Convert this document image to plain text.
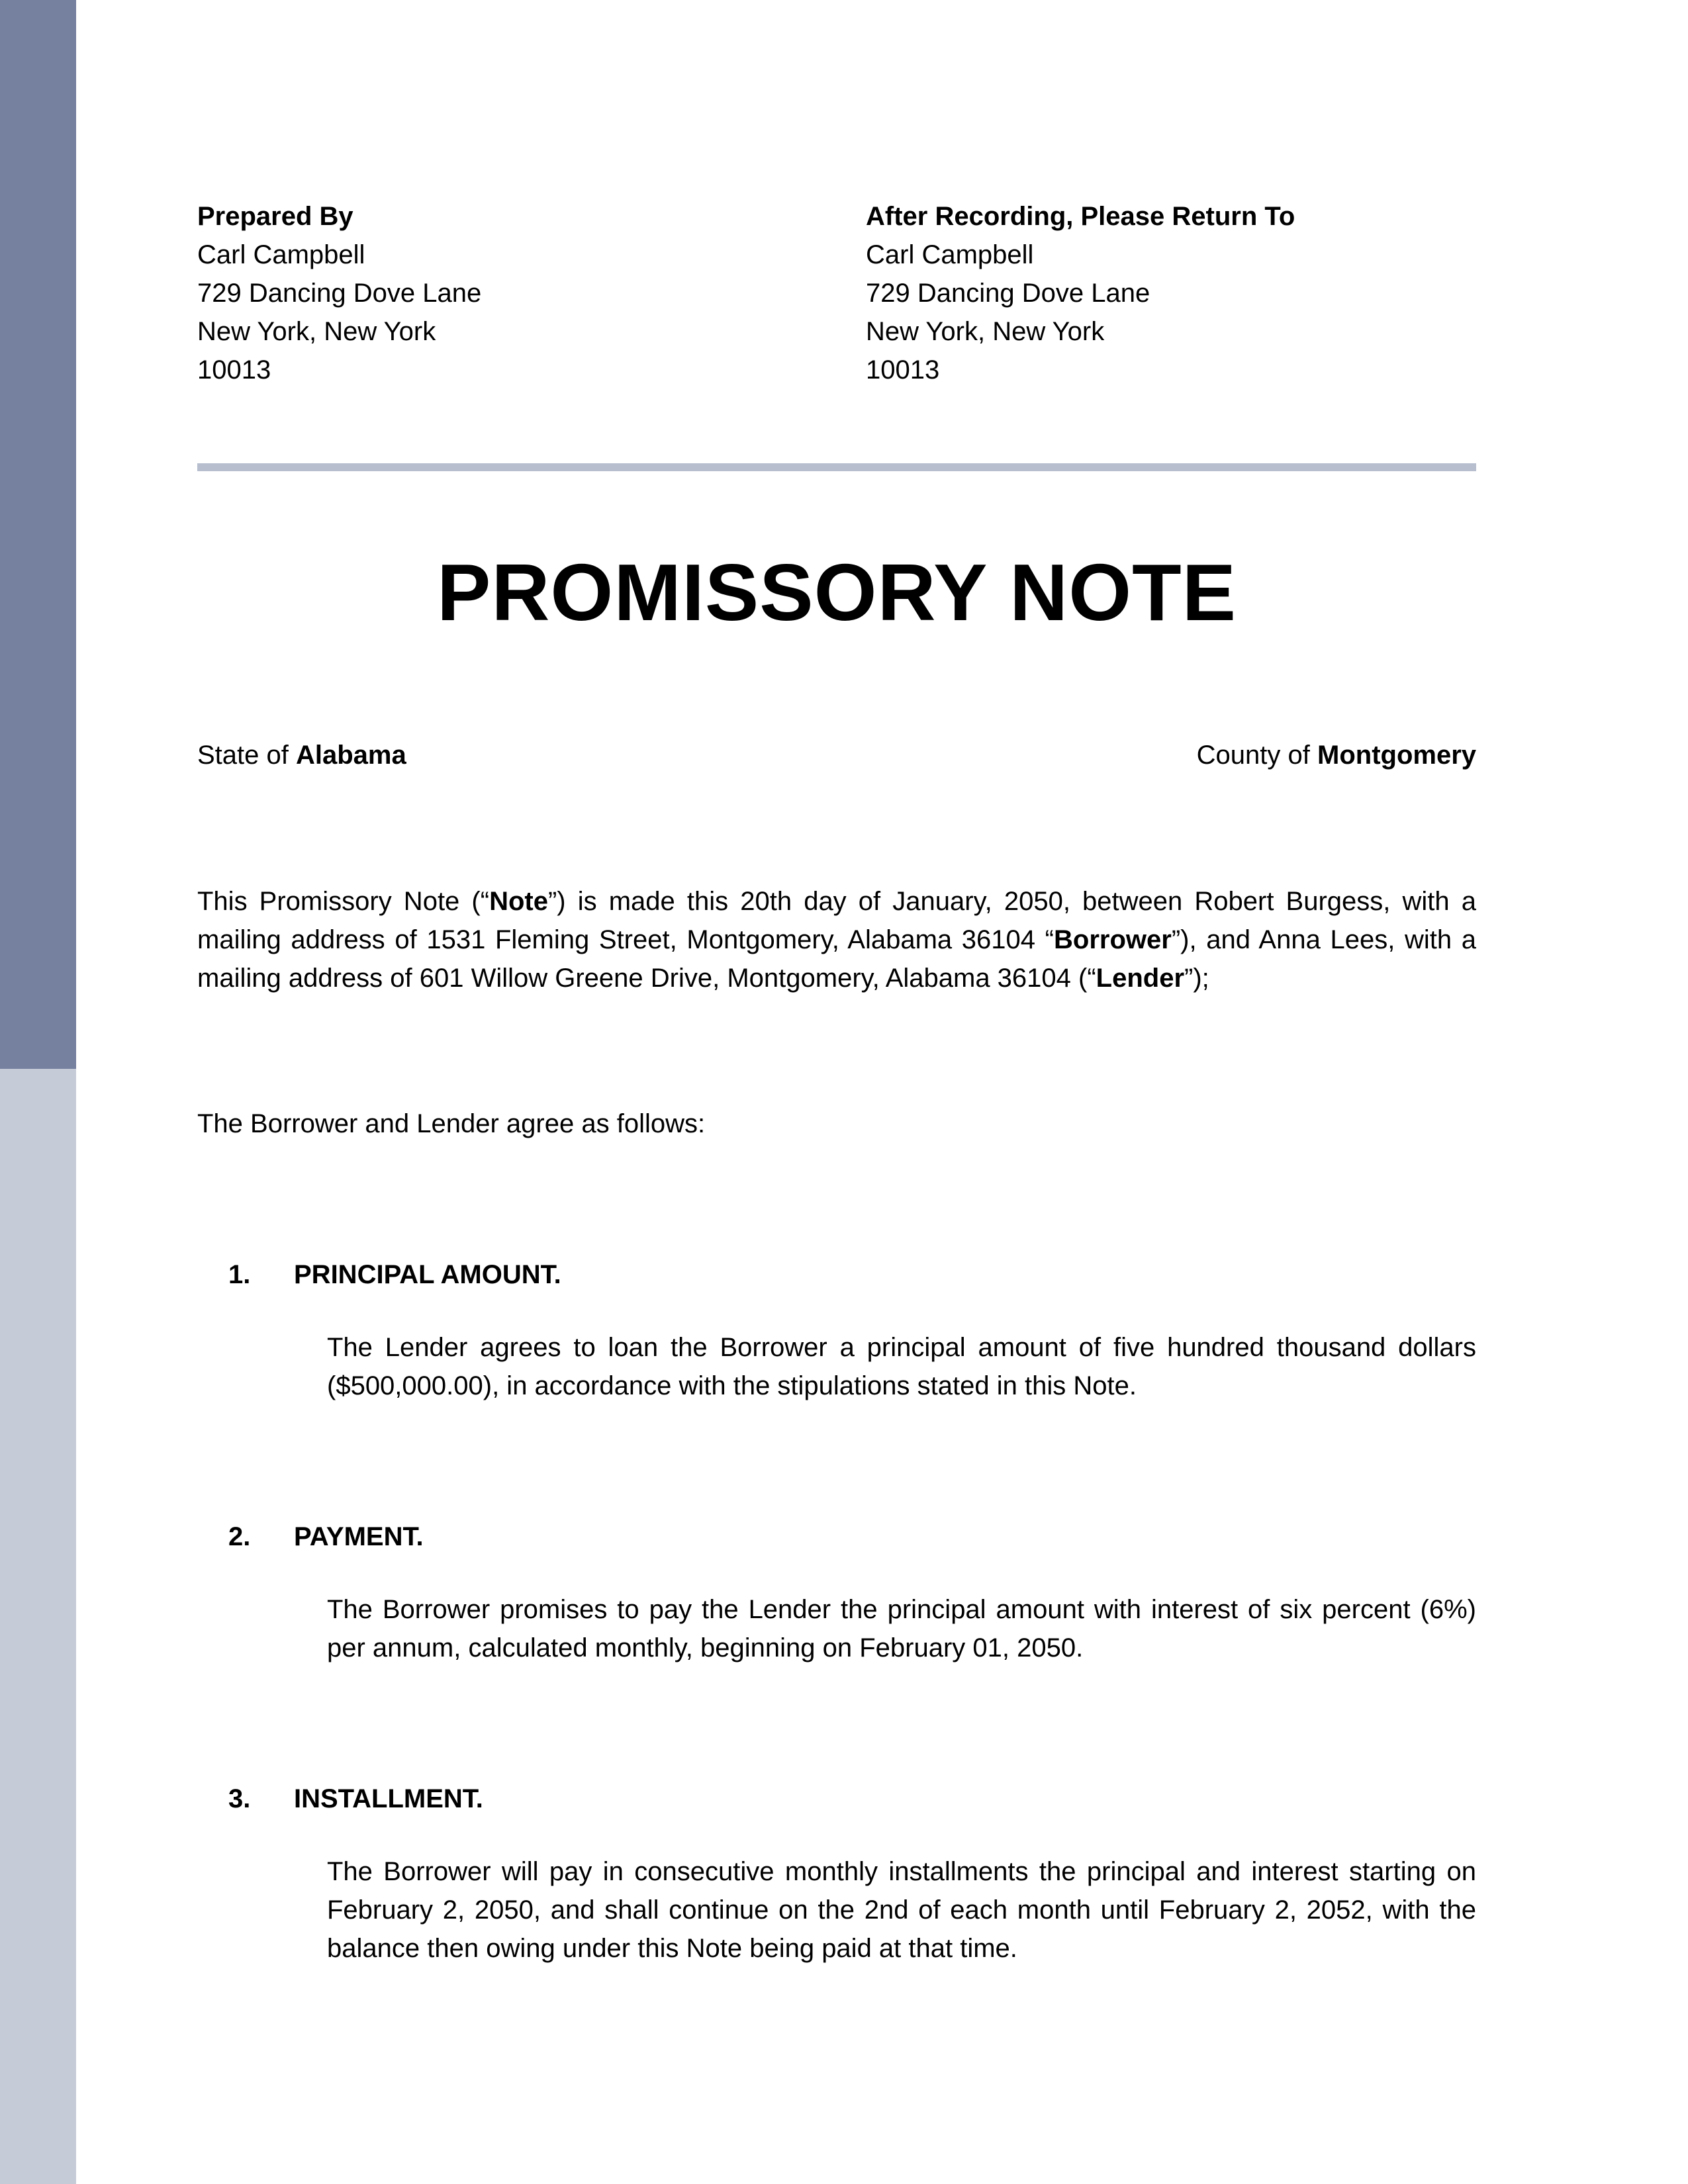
Prepared By
Carl Campbell
729 Dancing Dove Lane
New York, New York
10013
After Recording, Please Return To
Carl Campbell
729 Dancing Dove Lane
New York, New York
10013
PROMISSORY NOTE
State of Alabama	County of Montgomery

This Promissory Note (“Note”) is made this 20th day of January, 2050, between Robert Burgess, with a mailing address of 1531 Fleming Street, Montgomery, Alabama 36104 “Borrower”), and Anna Lees, with a mailing address of 601 Willow Greene Drive, Montgomery, Alabama 36104 (“Lender”);

The Borrower and Lender agree as follows:

1.	PRINCIPAL AMOUNT.

The Lender agrees to loan the Borrower a principal amount of five hundred thousand dollars ($500,000.00), in accordance with the stipulations stated in this Note.

2.	PAYMENT.

The Borrower promises to pay the Lender the principal amount with interest of six percent (6%) per annum, calculated monthly, beginning on February 01, 2050.

3.	INSTALLMENT.

The Borrower will pay in consecutive monthly installments the principal and interest starting on February 2, 2050, and shall continue on the 2nd of each month until February 2, 2052, with the balance then owing under this Note being paid at that time.
